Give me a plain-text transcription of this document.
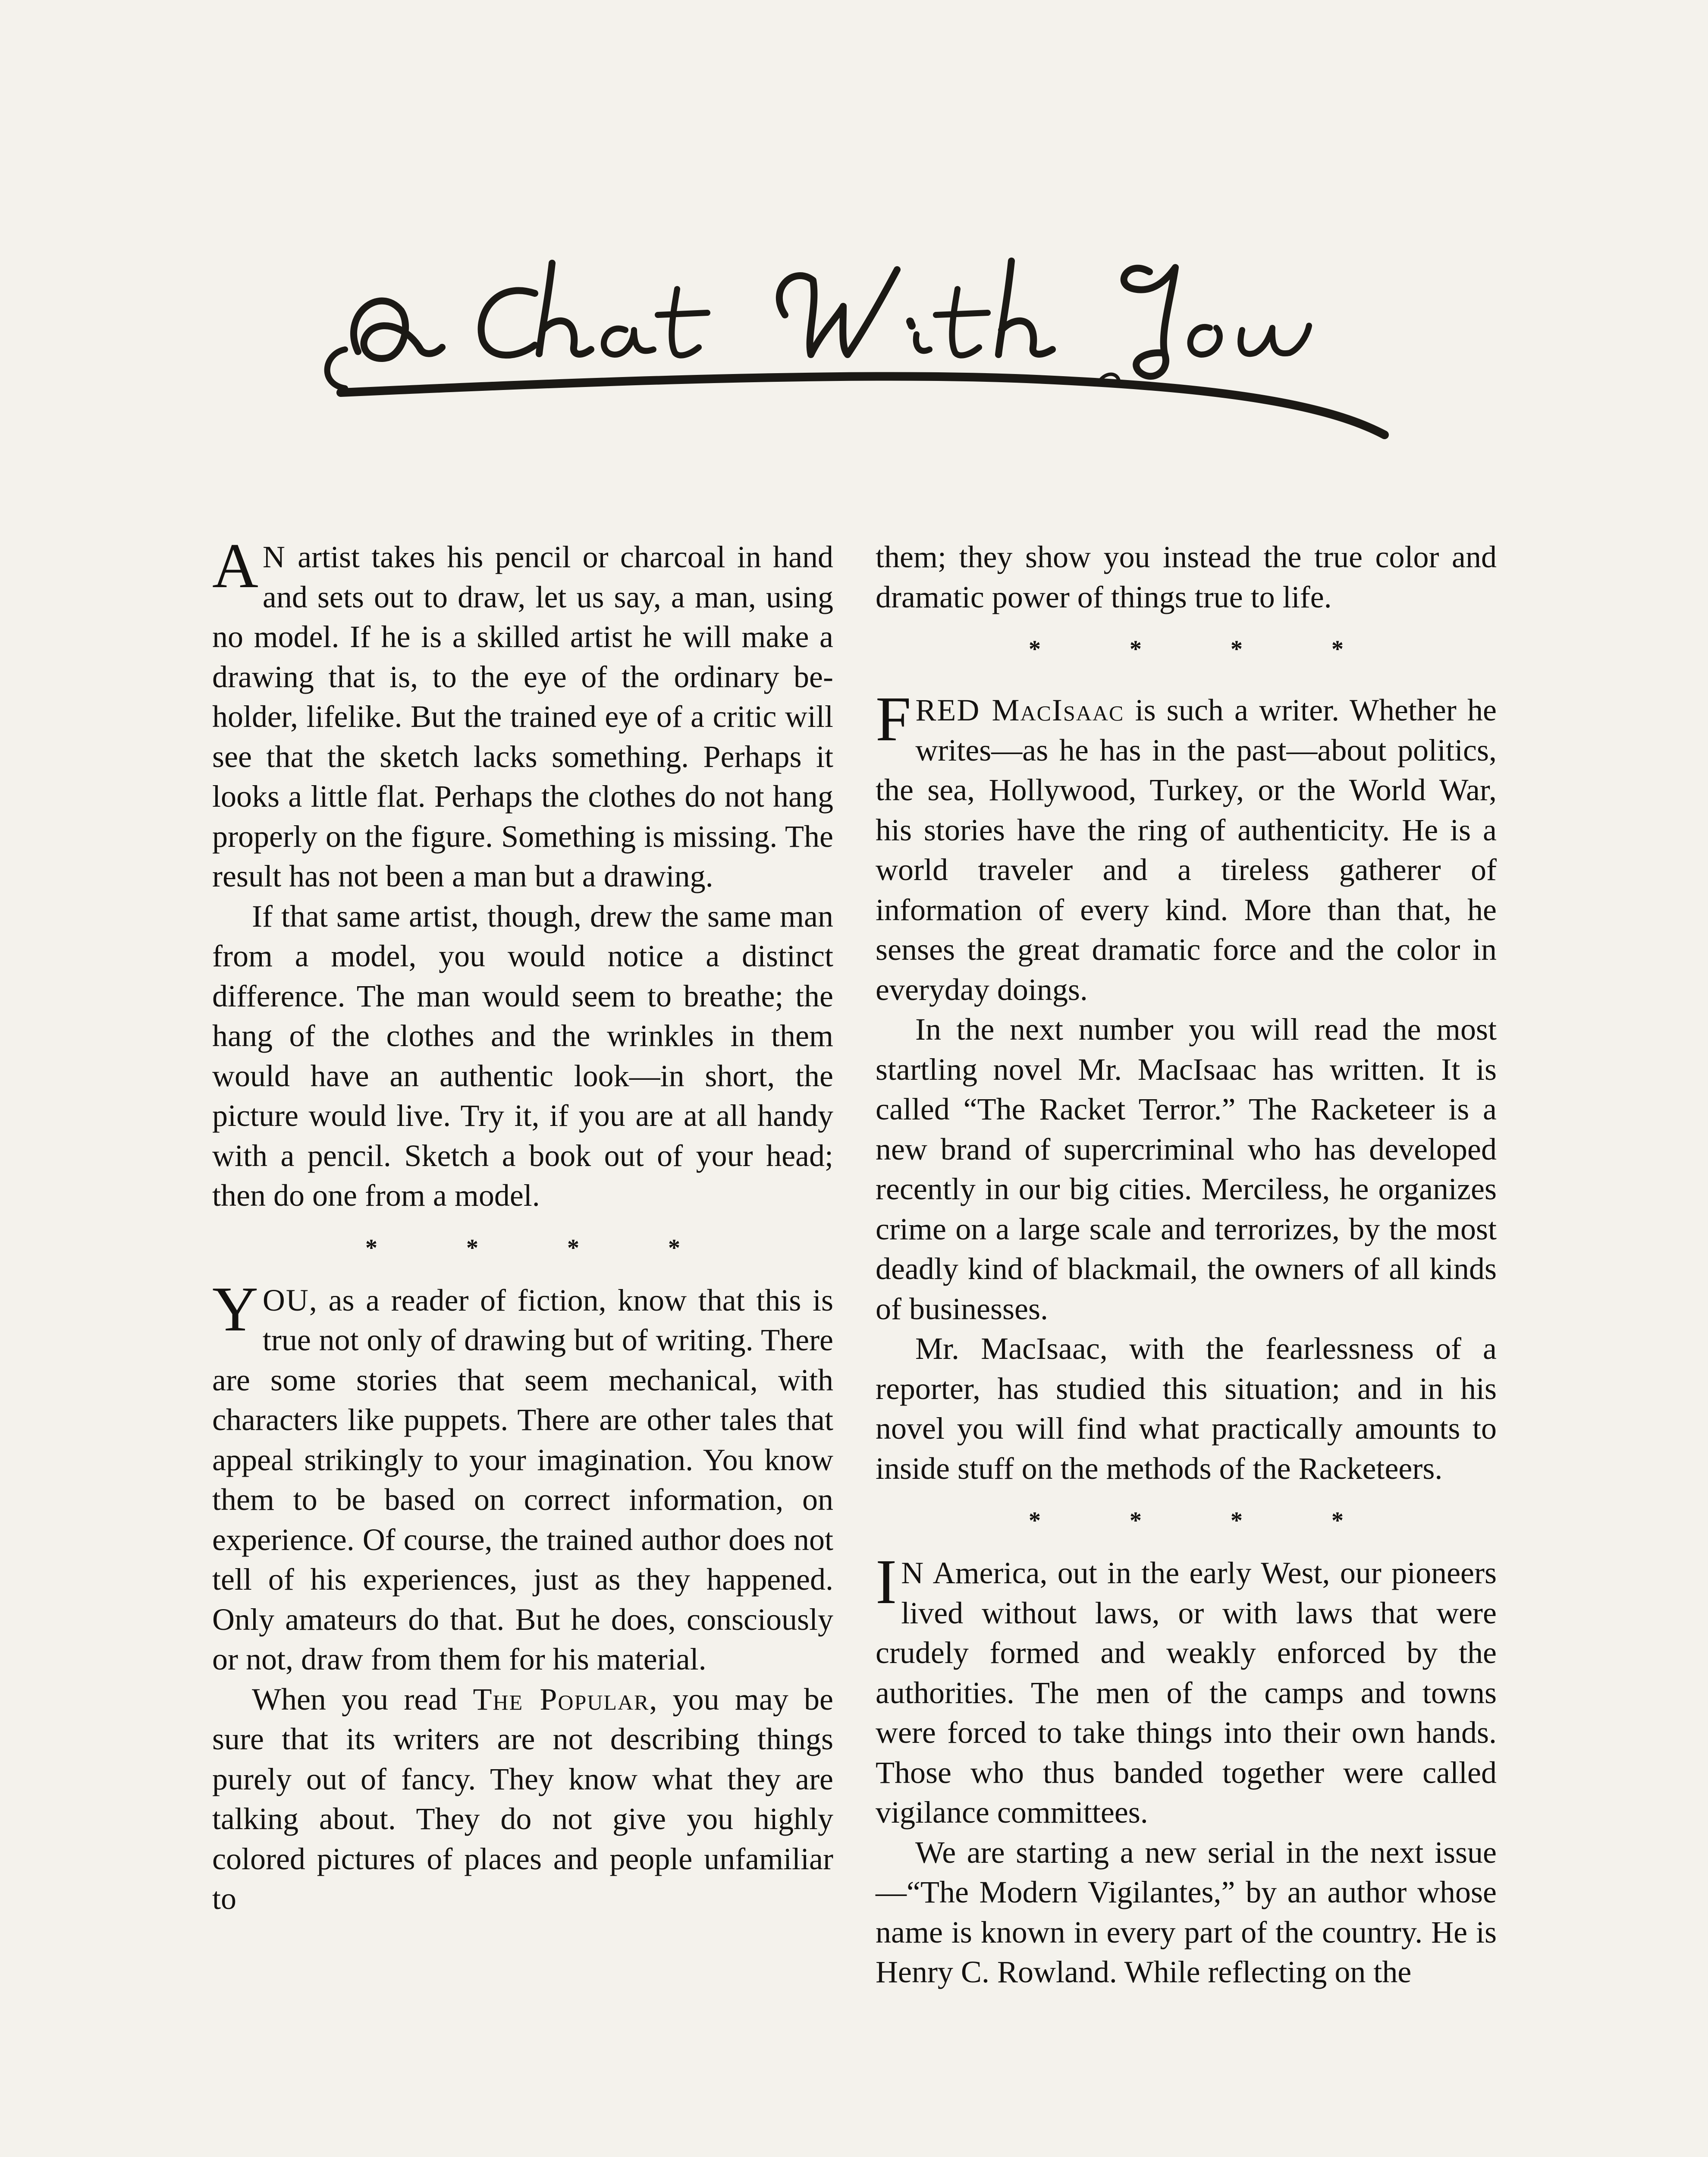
A N artist takes his pencil or charcoal in hand and sets out to draw, let us say, a man, using no model. If he is a skilled artist he will make a drawing that is, to the eye of the ordinary beholder, lifelike. But the trained eye of a critic will see that the sketch lacks something. Perhaps it looks a little flat. Perhaps the clothes do not hang properly on the figure. Something is missing. The result has not been a man but a drawing.

If that same artist, though, drew the same man from a model, you would notice a distinct difference. The man would seem to breathe; the hang of the clothes and the wrinkles in them would have an authentic look—in short, the picture would live. Try it, if you are at all handy with a pencil. Sketch a book out of your head; then do one from a model.

* * * *

YOU, as a reader of fiction, know that this is true not only of drawing but of writing. There are some stories that seem mechanical, with characters like puppets. There are other tales that appeal strikingly to your imagination. You know them to be based on correct information, on experience. Of course, the trained author does not tell of his experiences, just as they happened. Only amateurs do that. But he does, consciously or not, draw from them for his material.

When you read The Popular, you may be sure that its writers are not describing things purely out of fancy. They know what they are talking about. They do not give you highly colored pictures of places and people unfamiliar to

them; they show you instead the true color and dramatic power of things true to life.

* * * *

FRED MacIsaac is such a writer. Whether he writes—as he has in the past—about politics, the sea, Hollywood, Turkey, or the World War, his stories have the ring of authenticity. He is a world traveler and a tireless gatherer of information of every kind. More than that, he senses the great dramatic force and the color in everyday doings.

In the next number you will read the most startling novel Mr. MacIsaac has written. It is called “The Racket Terror.” The Racketeer is a new brand of supercriminal who has developed recently in our big cities. Merciless, he organizes crime on a large scale and terrorizes, by the most deadly kind of blackmail, the owners of all kinds of businesses.

Mr. MacIsaac, with the fearlessness of a reporter, has studied this situation; and in his novel you will find what practically amounts to inside stuff on the methods of the Racketeers.

* * * *

I N America, out in the early West, our pioneers lived without laws, or with laws that were crudely formed and weakly enforced by the authorities. The men of the camps and towns were forced to take things into their own hands. Those who thus banded together were called vigilance committees.

We are starting a new serial in the next issue—“The Modern Vigilantes,” by an author whose name is known in every part of the country. He is Henry C. Rowland. While reflecting on the
